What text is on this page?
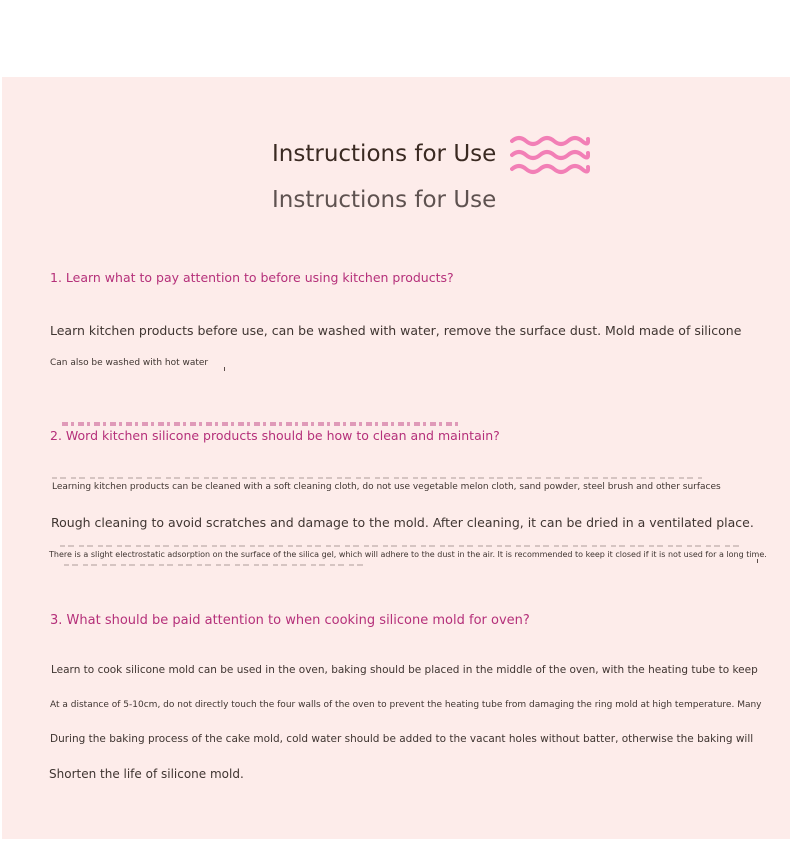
Instructions for Use
Instructions for Use
1. Learn what to pay attention to before using kitchen products?
Learn kitchen products before use, can be washed with water, remove the surface dust. Mold made of silicone
Can also be washed with hot water
2. Word kitchen silicone products should be how to clean and maintain?
Learning kitchen products can be cleaned with a soft cleaning cloth, do not use vegetable melon cloth, sand powder, steel brush and other surfaces
Rough cleaning to avoid scratches and damage to the mold. After cleaning, it can be dried in a ventilated place.
There is a slight electrostatic adsorption on the surface of the silica gel, which will adhere to the dust in the air. It is recommended to keep it closed if it is not used for a long time.
3. What should be paid attention to when cooking silicone mold for oven?
Learn to cook silicone mold can be used in the oven, baking should be placed in the middle of the oven, with the heating tube to keep
At a distance of 5-10cm, do not directly touch the four walls of the oven to prevent the heating tube from damaging the ring mold at high temperature. Many
During the baking process of the cake mold, cold water should be added to the vacant holes without batter, otherwise the baking will
Shorten the life of silicone mold.
